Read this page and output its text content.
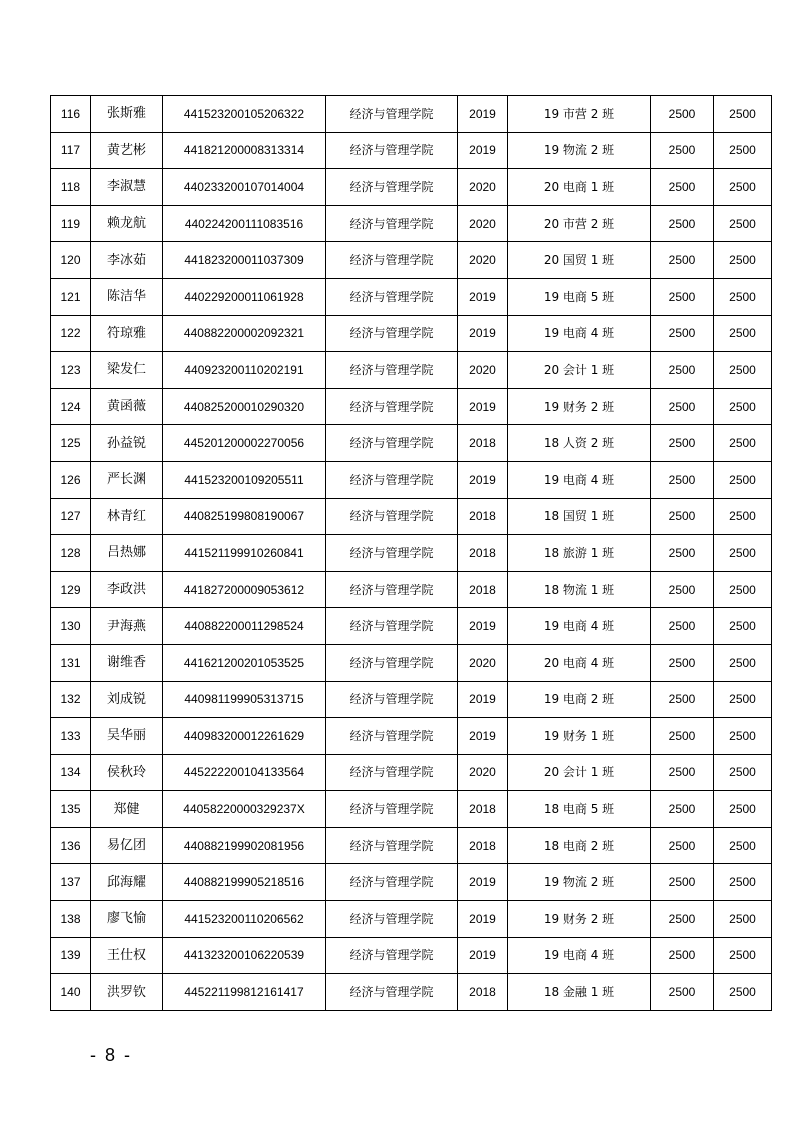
116	张斯雅	441523200105206322	经济与管理学院	2019	19 市营 2 班	2500	2500
117	黄艺彬	441821200008313314	经济与管理学院	2019	19 物流 2 班	2500	2500
118	李淑慧	440233200107014004	经济与管理学院	2020	20 电商 1 班	2500	2500
119	赖龙航	440224200111083516	经济与管理学院	2020	20 市营 2 班	2500	2500
120	李冰茹	441823200011037309	经济与管理学院	2020	20 国贸 1 班	2500	2500
121	陈洁华	440229200011061928	经济与管理学院	2019	19 电商 5 班	2500	2500
122	符琼雅	440882200002092321	经济与管理学院	2019	19 电商 4 班	2500	2500
123	梁发仁	440923200110202191	经济与管理学院	2020	20 会计 1 班	2500	2500
124	黄函薇	440825200010290320	经济与管理学院	2019	19 财务 2 班	2500	2500
125	孙益锐	445201200002270056	经济与管理学院	2018	18 人资 2 班	2500	2500
126	严长渊	441523200109205511	经济与管理学院	2019	19 电商 4 班	2500	2500
127	林青红	440825199808190067	经济与管理学院	2018	18 国贸 1 班	2500	2500
128	吕热娜	441521199910260841	经济与管理学院	2018	18 旅游 1 班	2500	2500
129	李政洪	441827200009053612	经济与管理学院	2018	18 物流 1 班	2500	2500
130	尹海燕	440882200011298524	经济与管理学院	2019	19 电商 4 班	2500	2500
131	谢维香	441621200201053525	经济与管理学院	2020	20 电商 4 班	2500	2500
132	刘成锐	440981199905313715	经济与管理学院	2019	19 电商 2 班	2500	2500
133	吴华丽	440983200012261629	经济与管理学院	2019	19 财务 1 班	2500	2500
134	侯秋玲	445222200104133564	经济与管理学院	2020	20 会计 1 班	2500	2500
135	郑健	44058220000329237X	经济与管理学院	2018	18 电商 5 班	2500	2500
136	易亿团	440882199902081956	经济与管理学院	2018	18 电商 2 班	2500	2500
137	邱海耀	440882199905218516	经济与管理学院	2019	19 物流 2 班	2500	2500
138	廖飞愉	441523200110206562	经济与管理学院	2019	19 财务 2 班	2500	2500
139	王仕权	441323200106220539	经济与管理学院	2019	19 电商 4 班	2500	2500
140	洪罗钦	445221199812161417	经济与管理学院	2018	18 金融 1 班	2500	2500
- 8 -
